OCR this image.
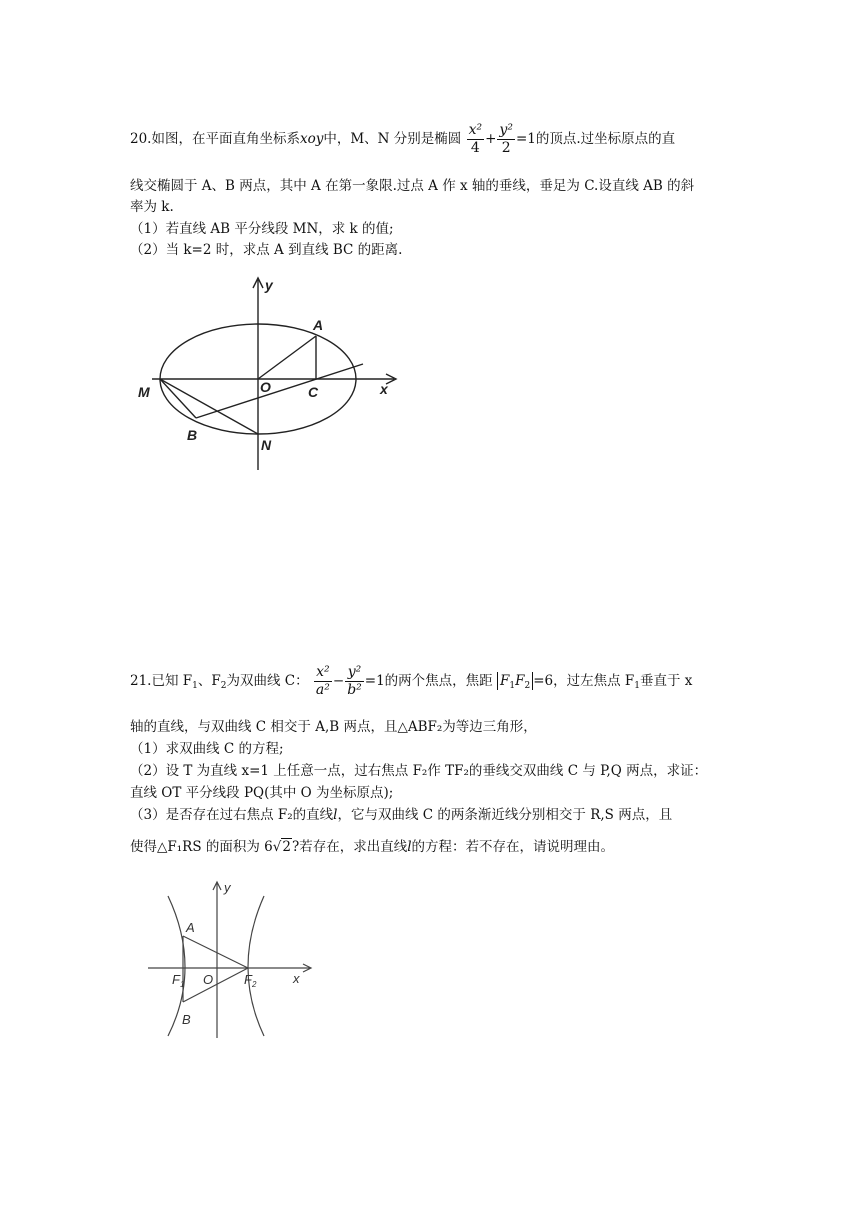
20.如图，在平面直角坐标系xoy中，M、N 分别是椭圆 $\frac{\text{x²}}{4} + \frac{\text{y²}}{2} =1$的顶点.过坐标原点的直
线交椭圆于 A、B 两点，其中 A 在第一象限.过点 A 作 x 轴的垂线，垂足为 C.设直线 AB 的斜
率为 k.
（1）若直线 AB 平分线段 MN，求 k 的值;
（2）当 k=2 时，求点 A 到直线 BC 的距离.
y
x
A
M	O	C
B
N
21.已知 $F_1$、$F_2$为双曲线 C： $\frac{\text{x²}}{\text{a²}} - \frac{\text{y²}}{\text{b²}} =1$的两个焦点，焦距 $F_1F_2 =6$，过左焦点 $F_1$垂直于 x
轴的直线，与双曲线 C 相交于 A,B 两点，且△ABF₂为等边三角形，
（1）求双曲线 C 的方程;
（2）设 T 为直线 x=1 上任意一点，过右焦点 F₂作 TF₂的垂线交双曲线 C 与 P,Q 两点，求证：
直线 OT 平分线段 PQ(其中 O 为坐标原点);
（3）是否存在过右焦点 F₂的直线l，它与双曲线 C 的两条渐近线分别相交于 R,S 两点，且
使得△F₁RS 的面积为 6√2?若存在，求出直线l的方程：若不存在，请说明理由。
y
A
$F_1$ O $F_2$	x
B
